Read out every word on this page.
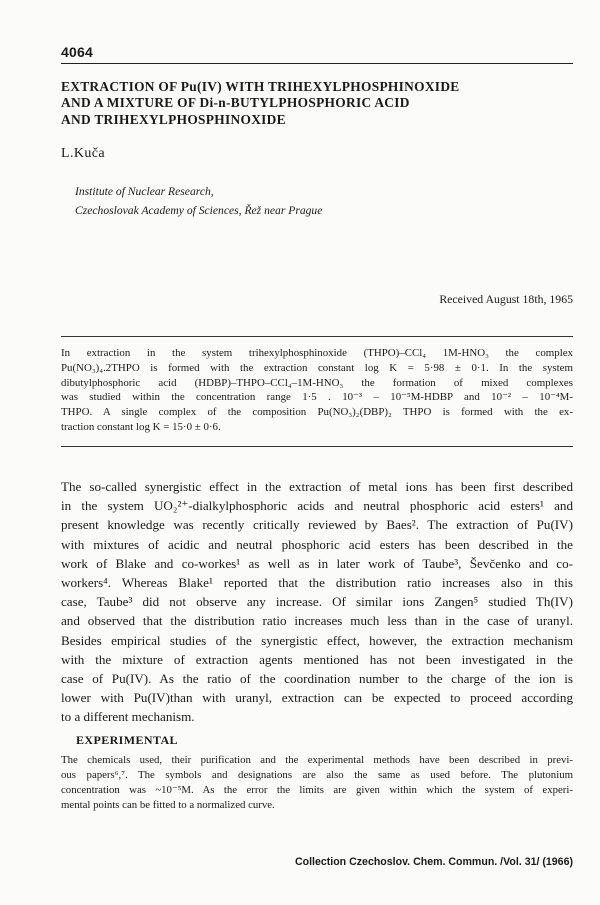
4064
EXTRACTION OF Pu(IV) WITH TRIHEXYLPHOSPHINOXIDE
AND A MIXTURE OF Di-n-BUTYLPHOSPHORIC ACID
AND TRIHEXYLPHOSPHINOXIDE
L.Kuča
Institute of Nuclear Research,
Czechoslovak Academy of Sciences, Řež near Prague
Received August 18th, 1965
In extraction in the system trihexylphosphinoxide (THPO)–CCl₄ 1M-HNO₃ the complex
Pu(NO₃)₄.2THPO is formed with the extraction constant log K = 5·98 ± 0·1. In the system
dibutylphosphoric acid (HDBP)–THPO–CCl₄–1M-HNO₃ the formation of mixed complexes
was studied within the concentration range 1·5 . 10⁻³ – 10⁻⁵M-HDBP and 10⁻² – 10⁻⁴M-
THPO. A single complex of the composition Pu(NO₃)₂(DBP)₂ THPO is formed with the ex-
traction constant log K = 15·0 ± 0·6.
The so-called synergistic effect in the extraction of metal ions has been first described
in the system UO₂²⁺-dialkylphosphoric acids and neutral phosphoric acid esters¹ and
present knowledge was recently critically reviewed by Baes². The extraction of Pu(IV)
with mixtures of acidic and neutral phosphoric acid esters has been described in the
work of Blake and co-workes¹ as well as in later work of Taube³, Ševčenko and co-
workers⁴. Whereas Blake¹ reported that the distribution ratio increases also in this
case, Taube³ did not observe any increase. Of similar ions Zangen⁵ studied Th(IV)
and observed that the distribution ratio increases much less than in the case of uranyl.
Besides empirical studies of the synergistic effect, however, the extraction mechanism
with the mixture of extraction agents mentioned has not been investigated in the
case of Pu(IV). As the ratio of the coordination number to the charge of the ion is
lower with Pu(IV)than with uranyl, extraction can be expected to proceed according
to a different mechanism.
EXPERIMENTAL
The chemicals used, their purification and the experimental methods have been described in previ-
ous papers⁶,⁷. The symbols and designations are also the same as used before. The plutonium
concentration was ~10⁻⁵M. As the error the limits are given within which the system of experi-
mental points can be fitted to a normalized curve.
Collection Czechoslov. Chem. Commun. /Vol. 31/ (1966)
